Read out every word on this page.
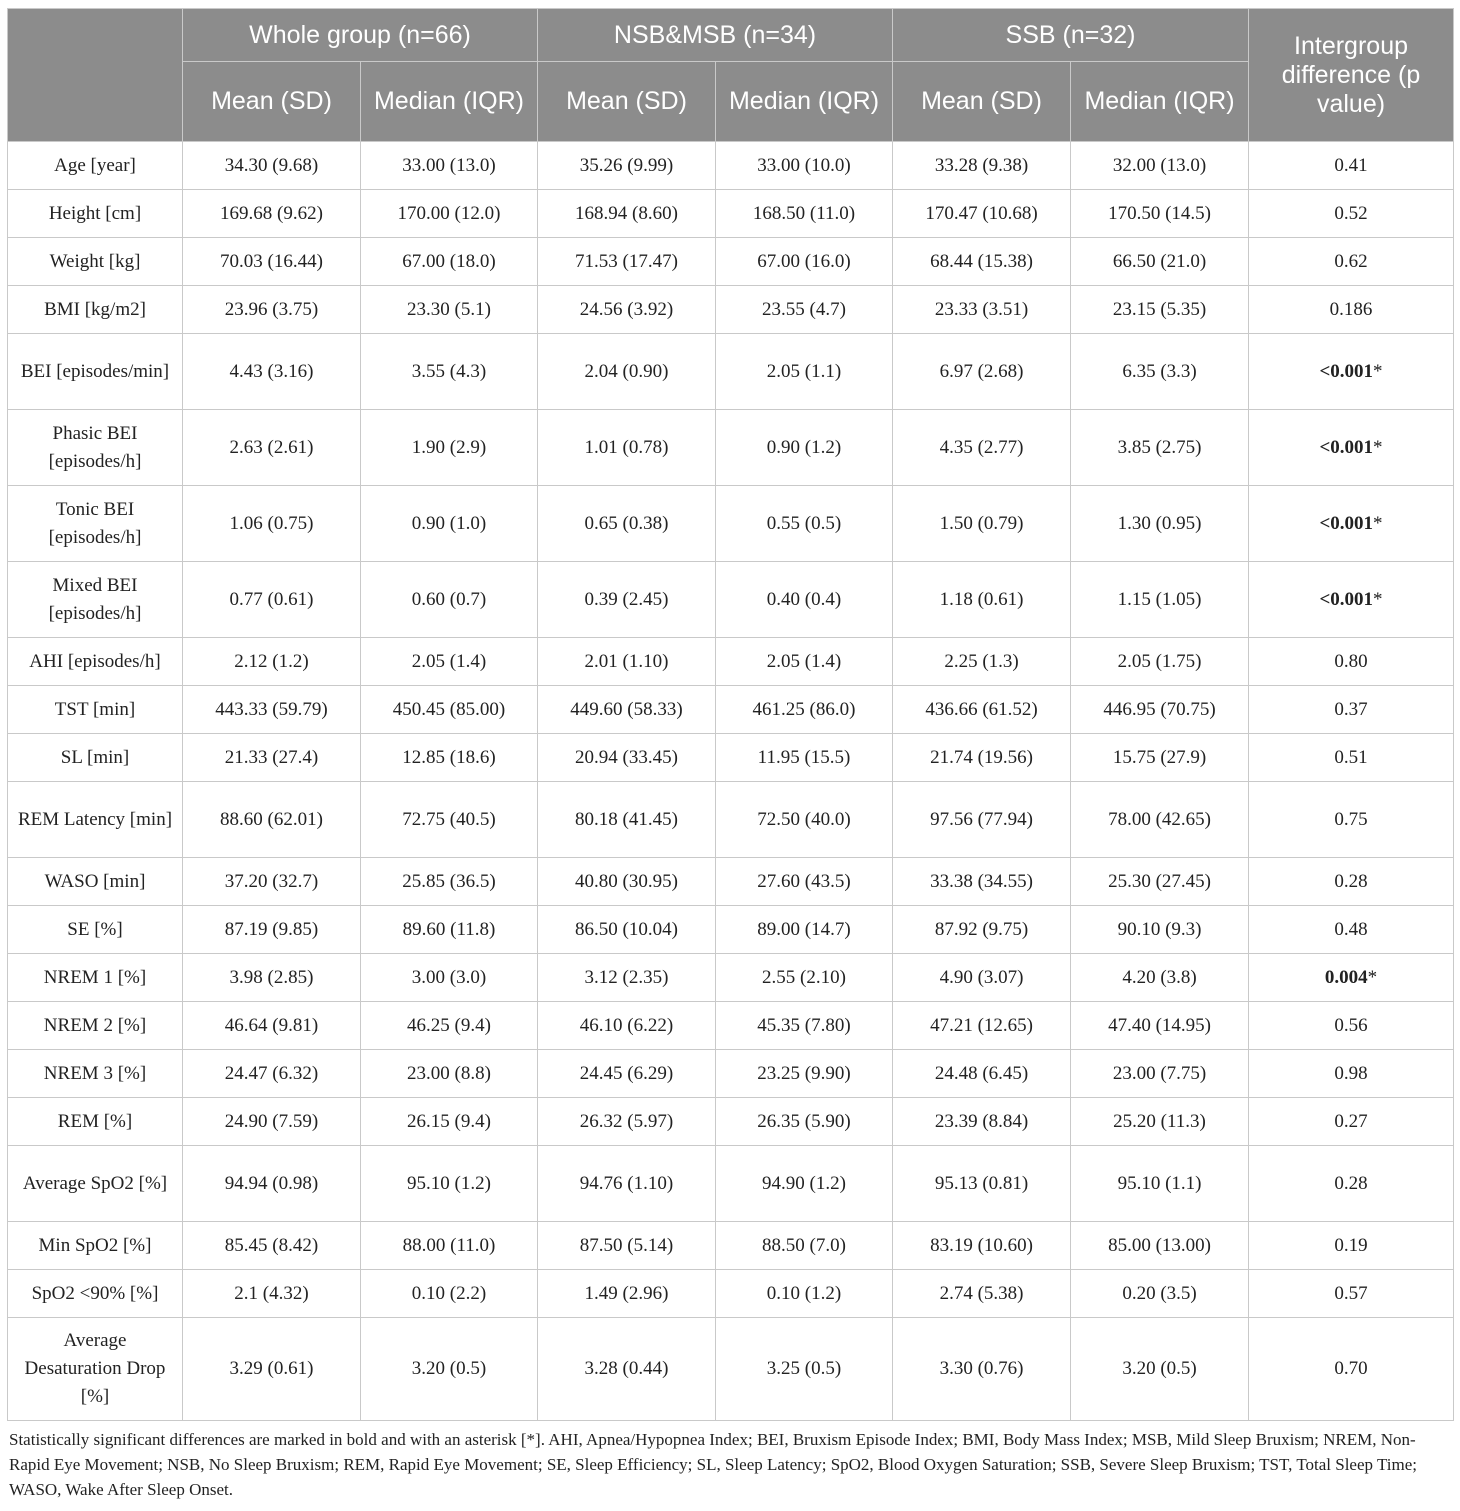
	Whole group (n=66)		NSB&MSB (n=34)		SSB (n=32)		Intergroup difference (p value)
	Mean (SD)	Median (IQR)	Mean (SD)	Median (IQR)	Mean (SD)	Median (IQR)	
Age [year]	34.30 (9.68)	33.00 (13.0)	35.26 (9.99)	33.00 (10.0)	33.28 (9.38)	32.00 (13.0)	0.41
Height [cm]	169.68 (9.62)	170.00 (12.0)	168.94 (8.60)	168.50 (11.0)	170.47 (10.68)	170.50 (14.5)	0.52
Weight [kg]	70.03 (16.44)	67.00 (18.0)	71.53 (17.47)	67.00 (16.0)	68.44 (15.38)	66.50 (21.0)	0.62
BMI [kg/m2]	23.96 (3.75)	23.30 (5.1)	24.56 (3.92)	23.55 (4.7)	23.33 (3.51)	23.15 (5.35)	0.186
BEI [episodes/min]	4.43 (3.16)	3.55 (4.3)	2.04 (0.90)	2.05 (1.1)	6.97 (2.68)	6.35 (3.3)	<0.001*
Phasic BEI [episodes/h]	2.63 (2.61)	1.90 (2.9)	1.01 (0.78)	0.90 (1.2)	4.35 (2.77)	3.85 (2.75)	<0.001*
Tonic BEI [episodes/h]	1.06 (0.75)	0.90 (1.0)	0.65 (0.38)	0.55 (0.5)	1.50 (0.79)	1.30 (0.95)	<0.001*
Mixed BEI [episodes/h]	0.77 (0.61)	0.60 (0.7)	0.39 (2.45)	0.40 (0.4)	1.18 (0.61)	1.15 (1.05)	<0.001*
AHI [episodes/h]	2.12 (1.2)	2.05 (1.4)	2.01 (1.10)	2.05 (1.4)	2.25 (1.3)	2.05 (1.75)	0.80
TST [min]	443.33 (59.79)	450.45 (85.00)	449.60 (58.33)	461.25 (86.0)	436.66 (61.52)	446.95 (70.75)	0.37
SL [min]	21.33 (27.4)	12.85 (18.6)	20.94 (33.45)	11.95 (15.5)	21.74 (19.56)	15.75 (27.9)	0.51
REM Latency [min]	88.60 (62.01)	72.75 (40.5)	80.18 (41.45)	72.50 (40.0)	97.56 (77.94)	78.00 (42.65)	0.75
WASO [min]	37.20 (32.7)	25.85 (36.5)	40.80 (30.95)	27.60 (43.5)	33.38 (34.55)	25.30 (27.45)	0.28
SE [%]	87.19 (9.85)	89.60 (11.8)	86.50 (10.04)	89.00 (14.7)	87.92 (9.75)	90.10 (9.3)	0.48
NREM 1 [%]	3.98 (2.85)	3.00 (3.0)	3.12 (2.35)	2.55 (2.10)	4.90 (3.07)	4.20 (3.8)	0.004*
NREM 2 [%]	46.64 (9.81)	46.25 (9.4)	46.10 (6.22)	45.35 (7.80)	47.21 (12.65)	47.40 (14.95)	0.56
NREM 3 [%]	24.47 (6.32)	23.00 (8.8)	24.45 (6.29)	23.25 (9.90)	24.48 (6.45)	23.00 (7.75)	0.98
REM [%]	24.90 (7.59)	26.15 (9.4)	26.32 (5.97)	26.35 (5.90)	23.39 (8.84)	25.20 (11.3)	0.27
Average SpO2 [%]	94.94 (0.98)	95.10 (1.2)	94.76 (1.10)	94.90 (1.2)	95.13 (0.81)	95.10 (1.1)	0.28
Min SpO2 [%]	85.45 (8.42)	88.00 (11.0)	87.50 (5.14)	88.50 (7.0)	83.19 (10.60)	85.00 (13.00)	0.19
SpO2 <90% [%]	2.1 (4.32)	0.10 (2.2)	1.49 (2.96)	0.10 (1.2)	2.74 (5.38)	0.20 (3.5)	0.57
Average Desaturation Drop [%]	3.29 (0.61)	3.20 (0.5)	3.28 (0.44)	3.25 (0.5)	3.30 (0.76)	3.20 (0.5)	0.70
Statistically significant differences are marked in bold and with an asterisk [*]. AHI, Apnea/Hypopnea Index; BEI, Bruxism Episode Index; BMI, Body Mass Index; MSB, Mild Sleep Bruxism; NREM, Non-Rapid Eye Movement; NSB, No Sleep Bruxism; REM, Rapid Eye Movement; SE, Sleep Efficiency; SL, Sleep Latency; SpO2, Blood Oxygen Saturation; SSB, Severe Sleep Bruxism; TST, Total Sleep Time; WASO, Wake After Sleep Onset.
